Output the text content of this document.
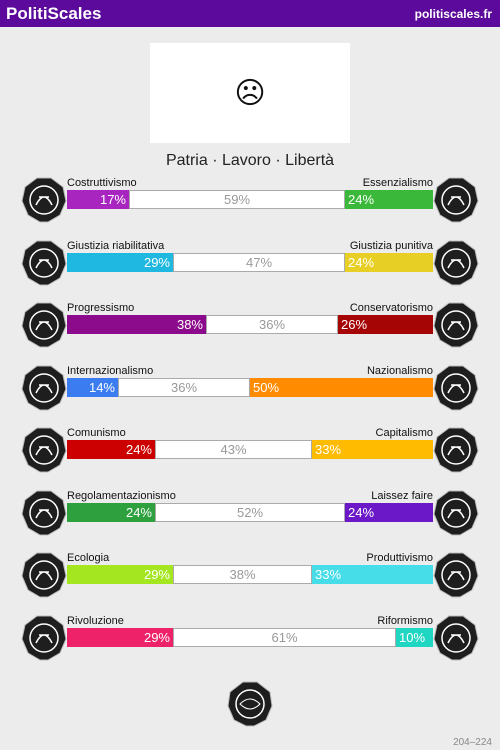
PolitiScales	politiscales.fr
☹
Patria · Lavoro · Libertà
Costruttivismo	Essenzialismo
17%	59%	24%
Giustizia riabilitativa	Giustizia punitiva
29%	47%	24%
Progressismo	Conservatorismo
38%	36%	26%
Internazionalismo	Nazionalismo
14%	36%	50%
Comunismo	Capitalismo
24%	43%	33%
Regolamentazionismo	Laissez faire
24%	52%	24%
Ecologia	Produttivismo
29%	38%	33%
Rivoluzione	Riformismo
29%	61%	10%
204–224
